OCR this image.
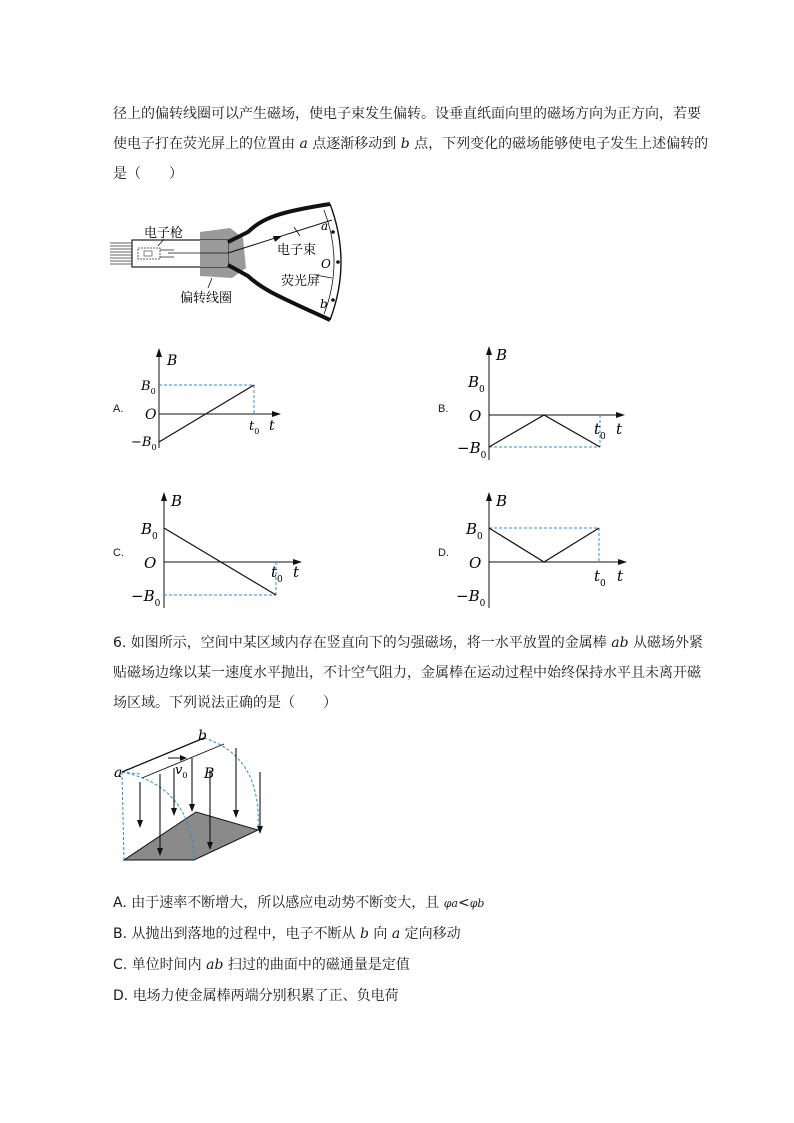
径上的偏转线圈可以产生磁场，使电子束发生偏转。设垂直纸面向里的磁场方向为正方向，若要
使电子打在荧光屏上的位置由 a 点逐渐移动到 b 点，下列变化的磁场能够使电子发生上述偏转的
是（　　）
a
O
b
电子枪
电子束
荧光屏
偏转线圈
A.	B.
C.	D.
B
$B_0$
O
$-B_0$
$t_0$ t
B
$B_0$
O
$-B_0$
$t_0$ t
B
$B_0$
O
$-B_0$
$t_0$ t
B
$B_0$
O
$-B_0$
$t_0$ t
6. 如图所示，空间中某区域内存在竖直向下的匀强磁场，将一水平放置的金属棒 ab 从磁场外紧
贴磁场边缘以某一速度水平抛出，不计空气阻力，金属棒在运动过程中始终保持水平且未离开磁
场区域。下列说法正确的是（　　）
a
b
$v_0$ B
A. 由于速率不断增大，所以感应电动势不断变大，且 φa<φb
B. 从抛出到落地的过程中，电子不断从 b 向 a 定向移动
C. 单位时间内 ab 扫过的曲面中的磁通量是定值
D. 电场力使金属棒两端分别积累了正、负电荷
